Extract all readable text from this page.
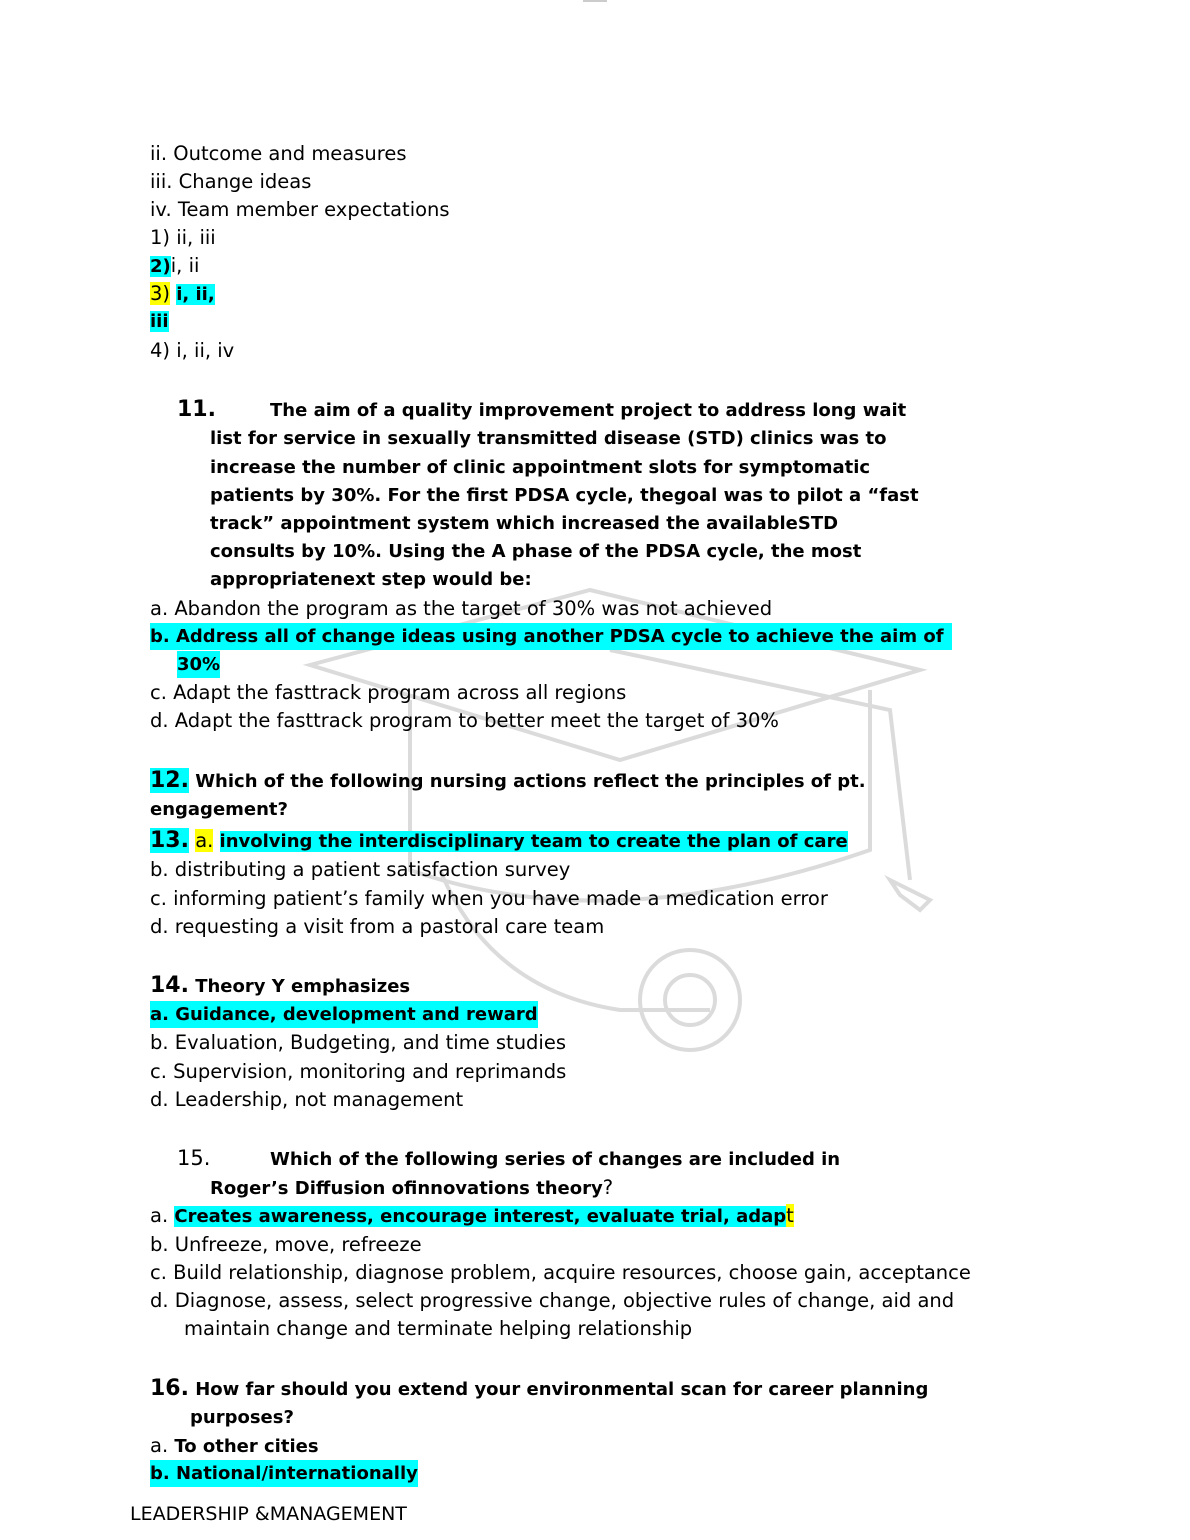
ii. Outcome and measures
iii. Change ideas
iv. Team member expectations
1) ii, iii
2)i, ii
3) i, ii,
iii
4) i, ii, iv
11.	The aim of a quality improvement project to address long wait
list for service in sexually transmitted disease (STD) clinics was to
increase the number of clinic appointment slots for symptomatic
patients by 30%. For the first PDSA cycle, thegoal was to pilot a “fast
track” appointment system which increased the availableSTD
consults by 10%. Using the A phase of the PDSA cycle, the most
appropriatenext step would be:
a. Abandon the program as the target of 30% was not achieved
b. Address all of change ideas using another PDSA cycle to achieve the aim of
30%
c. Adapt the fasttrack program across all regions
d. Adapt the fasttrack program to better meet the target of 30%
12. Which of the following nursing actions reflect the principles of pt.
engagement?
13. a. involving the interdisciplinary team to create the plan of care
b. distributing a patient satisfaction survey
c. informing patient’s family when you have made a medication error
d. requesting a visit from a pastoral care team
14. Theory Y emphasizes
a. Guidance, development and reward
b. Evaluation, Budgeting, and time studies
c. Supervision, monitoring and reprimands
d. Leadership, not management
15.	Which of the following series of changes are included in
Roger’s Diffusion ofinnovations theory?
a. Creates awareness, encourage interest, evaluate trial, adapt
b. Unfreeze, move, refreeze
c. Build relationship, diagnose problem, acquire resources, choose gain, acceptance
d. Diagnose, assess, select progressive change, objective rules of change, aid and
maintain change and terminate helping relationship
16. How far should you extend your environmental scan for career planning
purposes?
a. To other cities
b. National/internationally
LEADERSHIP &MANAGEMENT
